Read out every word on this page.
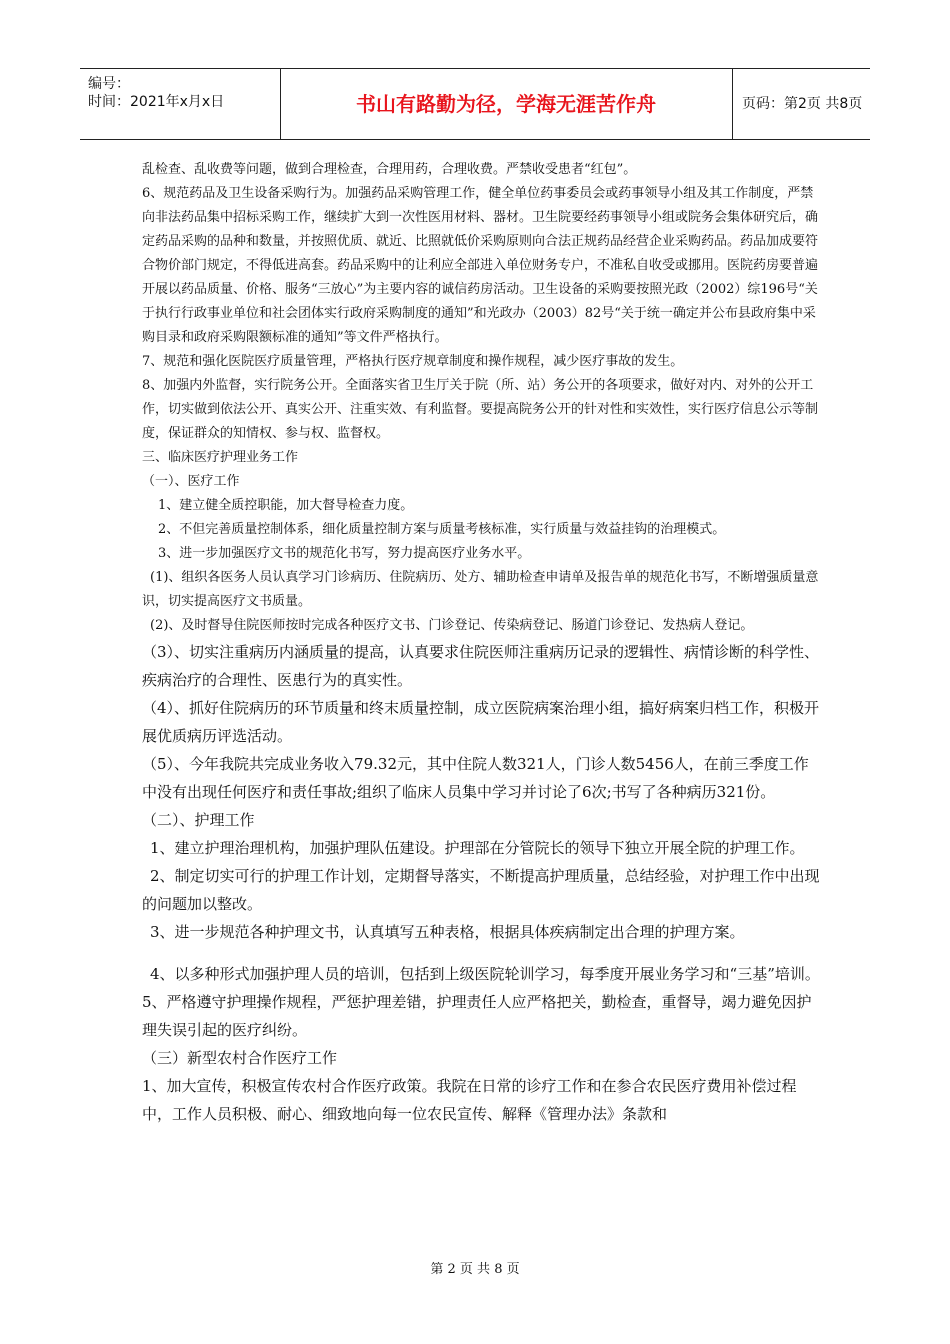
编号：
时间：2021年x月x日	书山有路勤为径，学海无涯苦作舟	页码：第2页 共8页

乱检查、乱收费等问题，做到合理检查，合理用药，合理收费。严禁收受患者“红包”。

6、规范药品及卫生设备采购行为。加强药品采购管理工作，健全单位药事委员会或药事领导小组及其工作制度，严禁向非法药品集中招标采购工作，继续扩大到一次性医用材料、器材。卫生院要经药事领导小组或院务会集体研究后，确定药品采购的品种和数量，并按照优质、就近、比照就低价采购原则向合法正规药品经营企业采购药品。药品加成要符合物价部门规定，不得低进高套。药品采购中的让利应全部进入单位财务专户，不准私自收受或挪用。医院药房要普遍开展以药品质量、价格、服务“三放心”为主要内容的诚信药房活动。卫生设备的采购要按照光政（2002）综196号“关于执行行政事业单位和社会团体实行政府采购制度的通知”和光政办（2003）82号“关于统一确定并公布县政府集中采购目录和政府采购限额标准的通知”等文件严格执行。

7、规范和强化医院医疗质量管理，严格执行医疗规章制度和操作规程，减少医疗事故的发生。

8、加强内外监督，实行院务公开。全面落实省卫生厅关于院（所、站）务公开的各项要求，做好对内、对外的公开工作，切实做到依法公开、真实公开、注重实效、有利监督。要提高院务公开的针对性和实效性，实行医疗信息公示等制度，保证群众的知情权、参与权、监督权。

三、临床医疗护理业务工作

（一）、医疗工作

1、建立健全质控职能，加大督导检查力度。

2、不但完善质量控制体系，细化质量控制方案与质量考核标准，实行质量与效益挂钩的治理模式。

3、进一步加强医疗文书的规范化书写，努力提高医疗业务水平。

(1)、组织各医务人员认真学习门诊病历、住院病历、处方、辅助检查申请单及报告单的规范化书写，不断增强质量意识，切实提高医疗文书质量。

(2)、及时督导住院医师按时完成各种医疗文书、门诊登记、传染病登记、肠道门诊登记、发热病人登记。

（3）、切实注重病历内涵质量的提高，认真要求住院医师注重病历记录的逻辑性、病情诊断的科学性、疾病治疗的合理性、医患行为的真实性。

（4）、抓好住院病历的环节质量和终末质量控制，成立医院病案治理小组，搞好病案归档工作，积极开展优质病历评选活动。

（5）、今年我院共完成业务收入79.32元，其中住院人数321人，门诊人数5456人，在前三季度工作中没有出现任何医疗和责任事故;组织了临床人员集中学习并讨论了6次;书写了各种病历321份。

（二）、护理工作

1、建立护理治理机构，加强护理队伍建设。护理部在分管院长的领导下独立开展全院的护理工作。

2、制定切实可行的护理工作计划，定期督导落实，不断提高护理质量，总结经验，对护理工作中出现的问题加以整改。

3、进一步规范各种护理文书，认真填写五种表格，根据具体疾病制定出合理的护理方案。

4、以多种形式加强护理人员的培训，包括到上级医院轮训学习，每季度开展业务学习和“三基”培训。

5、严格遵守护理操作规程，严惩护理差错，护理责任人应严格把关，勤检查，重督导，竭力避免因护理失误引起的医疗纠纷。

（三）新型农村合作医疗工作

1、加大宣传，积极宣传农村合作医疗政策。我院在日常的诊疗工作和在参合农民医疗费用补偿过程中，工作人员积极、耐心、细致地向每一位农民宣传、解释《管理办法》条款和

第 2 页 共 8 页
